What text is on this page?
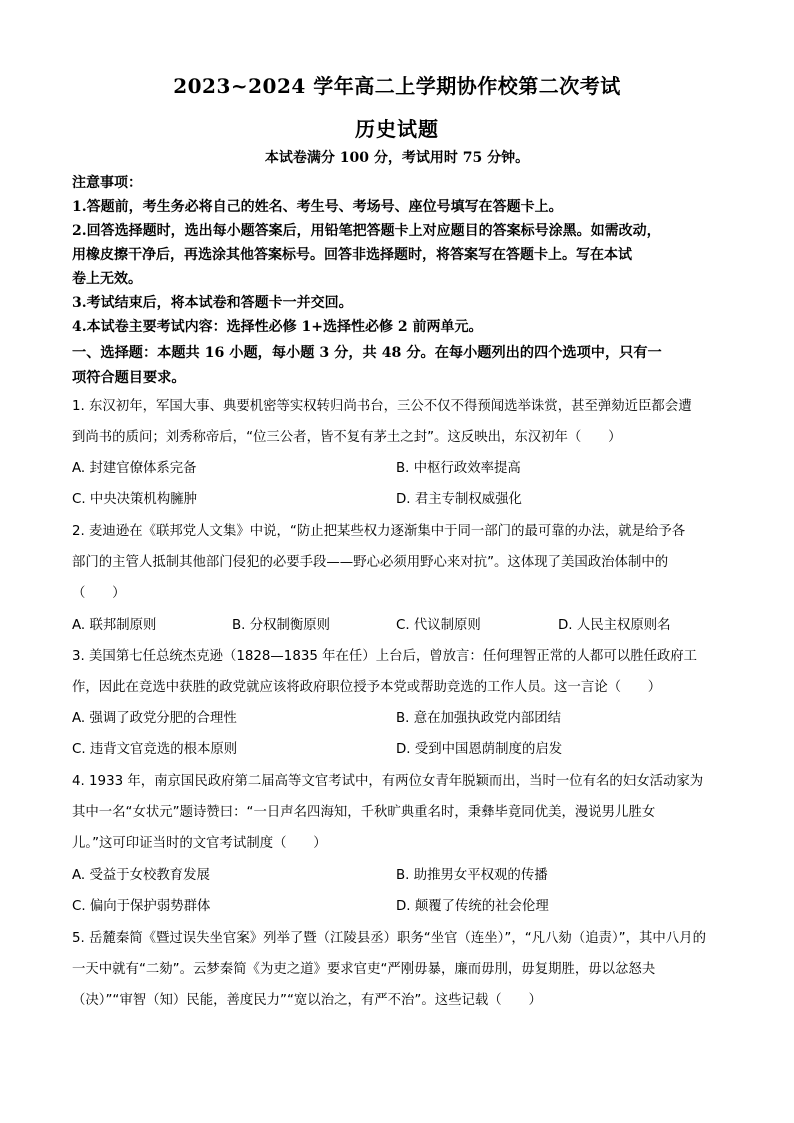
2023~2024 学年高二上学期协作校第二次考试
历史试题
本试卷满分 100 分，考试用时 75 分钟。
注意事项：
1.答题前，考生务必将自己的姓名、考生号、考场号、座位号填写在答题卡上。
2.回答选择题时，选出每小题答案后，用铅笔把答题卡上对应题目的答案标号涂黑。如需改动，
用橡皮擦干净后，再选涂其他答案标号。回答非选择题时，将答案写在答题卡上。写在本试
卷上无效。
3.考试结束后，将本试卷和答题卡一并交回。
4.本试卷主要考试内容：选择性必修 1+选择性必修 2 前两单元。
一、选择题：本题共 16 小题，每小题 3 分，共 48 分。在每小题列出的四个选项中，只有一
项符合题目要求。
1. 东汉初年，军国大事、典要机密等实权转归尚书台，三公不仅不得预闻选举诛赏，甚至弹劾近臣都会遭
到尚书的质问；刘秀称帝后，“位三公者，皆不复有茅土之封”。这反映出，东汉初年（　　）
A. 封建官僚体系完备	B. 中枢行政效率提高
C. 中央决策机构臃肿	D. 君主专制权威强化
2. 麦迪逊在《联邦党人文集》中说，“防止把某些权力逐渐集中于同一部门的最可靠的办法，就是给予各
部门的主管人抵制其他部门侵犯的必要手段——野心必须用野心来对抗”。这体现了美国政治体制中的
（　　）
A. 联邦制原则	B. 分权制衡原则	C. 代议制原则	D. 人民主权原则名
3. 美国第七任总统杰克逊（1828—1835 年在任）上台后，曾放言：任何理智正常的人都可以胜任政府工
作，因此在竞选中获胜的政党就应该将政府职位授予本党或帮助竞选的工作人员。这一言论（　　）
A. 强调了政党分肥的合理性	B. 意在加强执政党内部团结
C. 违背文官竞选的根本原则	D. 受到中国恩荫制度的启发
4. 1933 年，南京国民政府第二届高等文官考试中，有两位女青年脱颖而出，当时一位有名的妇女活动家为
其中一名“女状元”题诗赞曰：“一日声名四海知，千秋旷典重名时，秉彝毕竟同优美，漫说男儿胜女
儿。”这可印证当时的文官考试制度（　　）
A. 受益于女校教育发展	B. 助推男女平权观的传播
C. 偏向于保护弱势群体	D. 颠覆了传统的社会伦理
5. 岳麓秦简《暨过误失坐官案》列举了暨（江陵县丞）职务“坐官（连坐）”，“凡八劾（追责）”，其中八月的
一天中就有“二劾”。云梦秦简《为吏之道》要求官吏“严刚毋暴，廉而毋刖，毋复期胜，毋以忿怒夬
（决）”“审智（知）民能，善度民力”“宽以治之，有严不治”。这些记载（　　）
